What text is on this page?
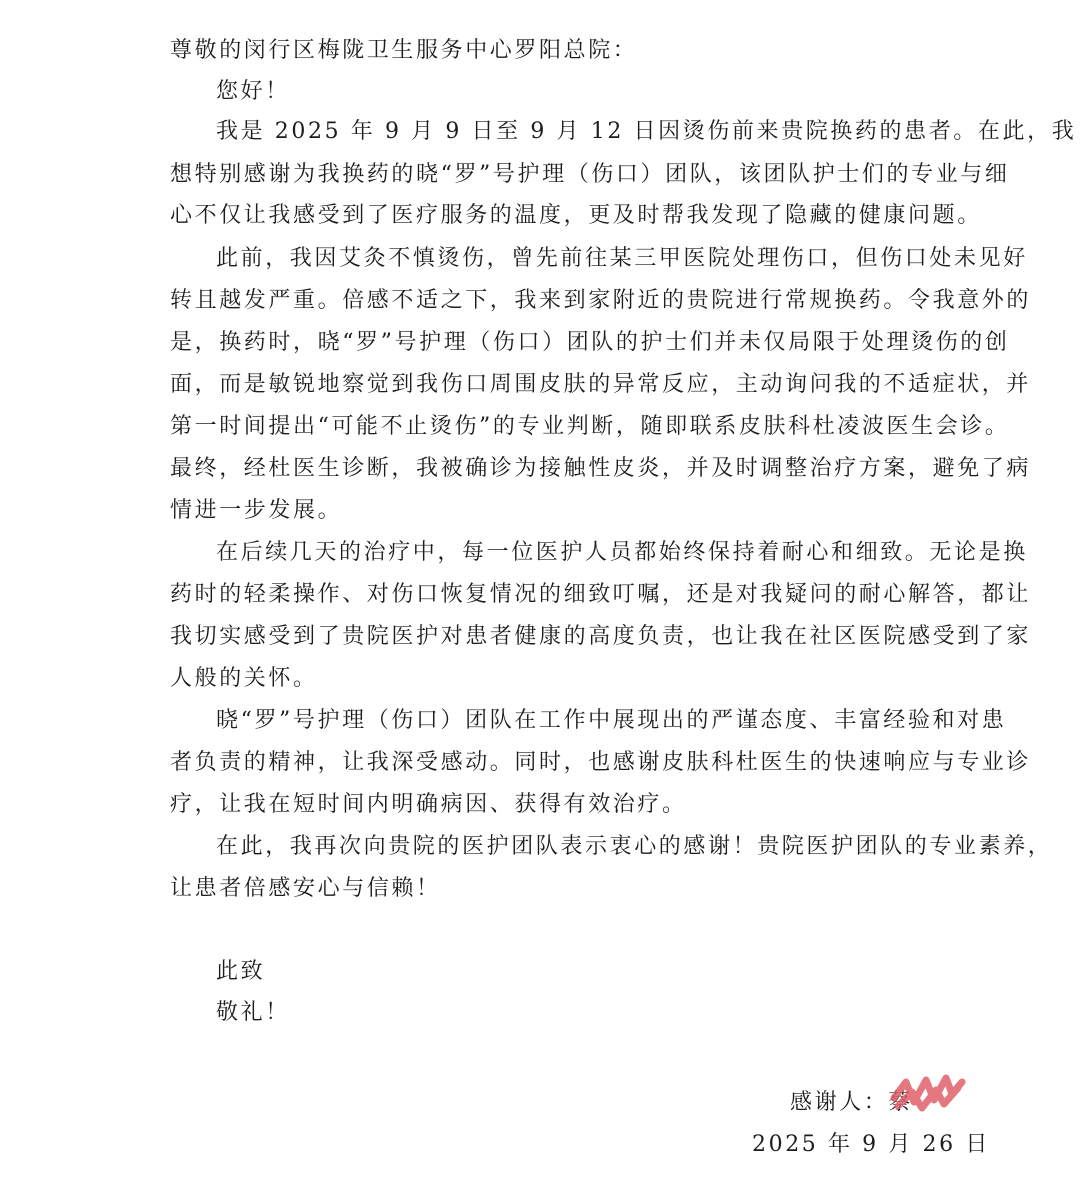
尊敬的闵行区梅陇卫生服务中心罗阳总院：

您好！

我是 2025 年 9 月 9 日至 9 月 12 日因烫伤前来贵院换药的患者。在此，我

想特别感谢为我换药的晓“罗”号护理（伤口）团队，该团队护士们的专业与细

心不仅让我感受到了医疗服务的温度，更及时帮我发现了隐藏的健康问题。

此前，我因艾灸不慎烫伤，曾先前往某三甲医院处理伤口，但伤口处未见好

转且越发严重。倍感不适之下，我来到家附近的贵院进行常规换药。令我意外的

是，换药时，晓“罗”号护理（伤口）团队的护士们并未仅局限于处理烫伤的创

面，而是敏锐地察觉到我伤口周围皮肤的异常反应，主动询问我的不适症状，并

第一时间提出“可能不止烫伤”的专业判断，随即联系皮肤科杜凌波医生会诊。

最终，经杜医生诊断，我被确诊为接触性皮炎，并及时调整治疗方案，避免了病

情进一步发展。

在后续几天的治疗中，每一位医护人员都始终保持着耐心和细致。无论是换

药时的轻柔操作、对伤口恢复情况的细致叮嘱，还是对我疑问的耐心解答，都让

我切实感受到了贵院医护对患者健康的高度负责，也让我在社区医院感受到了家

人般的关怀。

晓“罗”号护理（伤口）团队在工作中展现出的严谨态度、丰富经验和对患

者负责的精神，让我深受感动。同时，也感谢皮肤科杜医生的快速响应与专业诊

疗，让我在短时间内明确病因、获得有效治疗。

在此，我再次向贵院的医护团队表示衷心的感谢！贵院医护团队的专业素养，

让患者倍感安心与信赖！

此致

敬礼！

感谢人：蔡

2025 年 9 月 26 日
